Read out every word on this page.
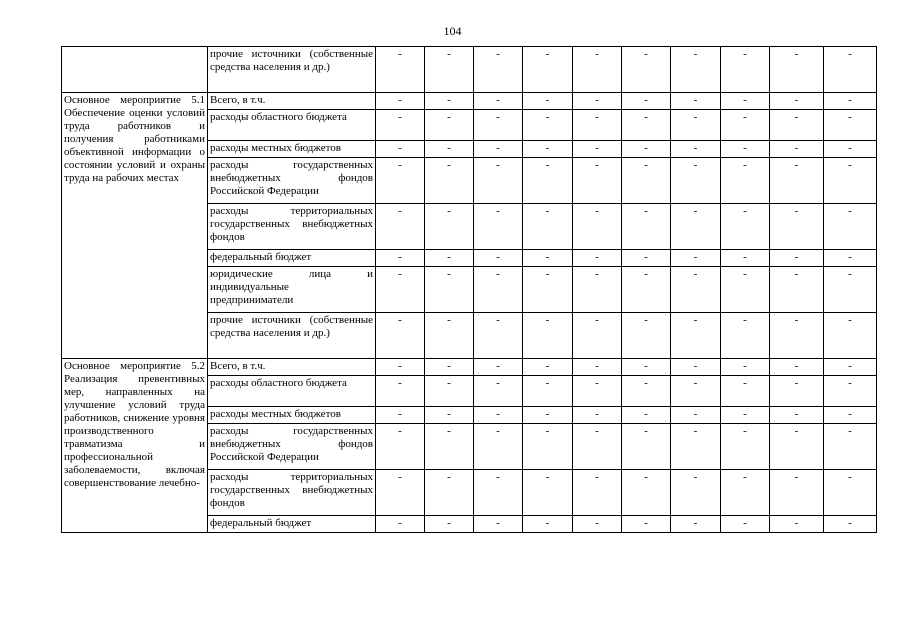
104
	прочие источники (собственные средства населения и др.)	-	-	-	-	-	-	-	-	-	-
Основное мероприятие 5.1 Обеспечение оценки условий труда работников и получения работниками объективной информации о состоянии условий и охраны труда на рабочих местах	Всего, в т.ч.	-	-	-	-	-	-	-	-	-	-
	расходы областного бюджета	-	-	-	-	-	-	-	-	-	-
	расходы местных бюджетов	-	-	-	-	-	-	-	-	-	-
	расходы государственных внебюджетных фондов Российской Федерации	-	-	-	-	-	-	-	-	-	-
	расходы территориальных государственных внебюджетных фондов	-	-	-	-	-	-	-	-	-	-
	федеральный бюджет	-	-	-	-	-	-	-	-	-	-
	юридические лица и индивидуальные предприниматели	-	-	-	-	-	-	-	-	-	-
	прочие источники (собственные средства населения и др.)	-	-	-	-	-	-	-	-	-	-
Основное мероприятие 5.2 Реализация превентивных мер, направленных на улучшение условий труда работников, снижение уровня производственного травматизма и профессиональной заболеваемости, включая совершенствование лечебно-	Всего, в т.ч.	-	-	-	-	-	-	-	-	-	-
	расходы областного бюджета	-	-	-	-	-	-	-	-	-	-
	расходы местных бюджетов	-	-	-	-	-	-	-	-	-	-
	расходы государственных внебюджетных фондов Российской Федерации	-	-	-	-	-	-	-	-	-	-
	расходы территориальных государственных внебюджетных фондов	-	-	-	-	-	-	-	-	-	-
	федеральный бюджет	-	-	-	-	-	-	-	-	-	-
